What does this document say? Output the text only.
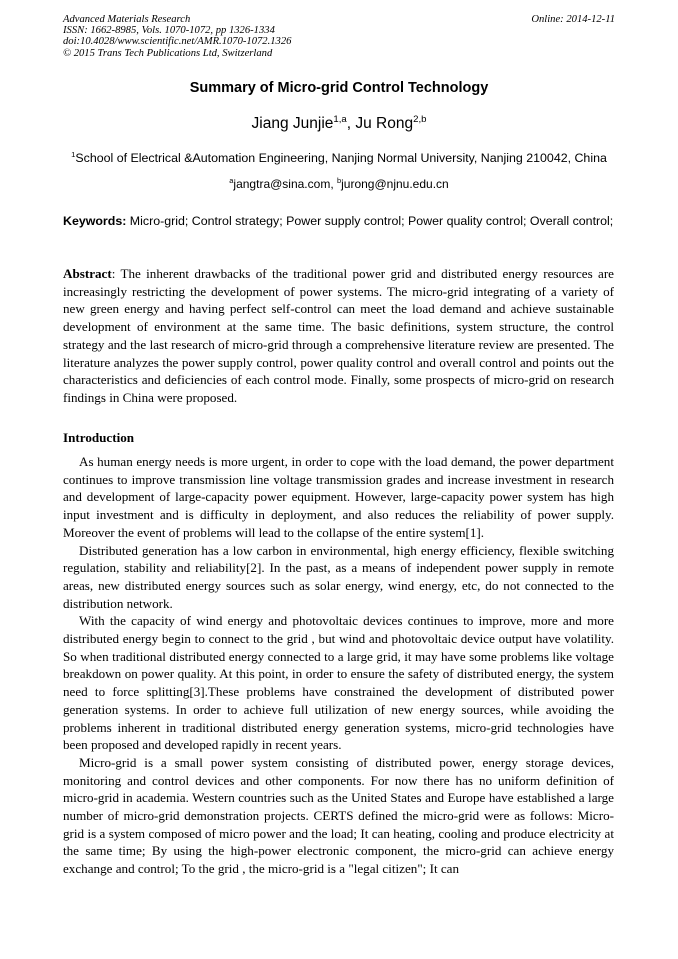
Advanced Materials Research	Online: 2014-12-11
ISSN: 1662-8985, Vols. 1070-1072, pp 1326-1334
doi:10.4028/www.scientific.net/AMR.1070-1072.1326
© 2015 Trans Tech Publications Ltd, Switzerland
Summary of Micro-grid Control Technology
Jiang Junjie$^{1,a}$, Ju Rong$^{2,b}$
$^1$School of Electrical &Automation Engineering, Nanjing Normal University, Nanjing 210042, China
$^a$jangtra@sina.com, $^b$jurong@njnu.edu.cn
Keywords: Micro-grid; Control strategy; Power supply control; Power quality control; Overall control;
Abstract: The inherent drawbacks of the traditional power grid and distributed energy resources are increasingly restricting the development of power systems. The micro-grid integrating of a variety of new green energy and having perfect self-control can meet the load demand and achieve sustainable development of environment at the same time. The basic definitions, system structure, the control strategy and the last research of micro-grid through a comprehensive literature review are presented. The literature analyzes the power supply control, power quality control and overall control and points out the characteristics and deficiencies of each control mode. Finally, some prospects of micro-grid on research findings in China were proposed.
Introduction

As human energy needs is more urgent, in order to cope with the load demand, the power department continues to improve transmission line voltage transmission grades and increase investment in research and development of large-capacity power equipment. However, large-capacity power system has high input investment and is difficulty in deployment, and also reduces the reliability of power supply. Moreover the event of problems will lead to the collapse of the entire system[1].

Distributed generation has a low carbon in environmental, high energy efficiency, flexible switching regulation, stability and reliability[2]. In the past, as a means of independent power supply in remote areas, new distributed energy sources such as solar energy, wind energy, etc, do not connected to the distribution network.

With the capacity of wind energy and photovoltaic devices continues to improve, more and more distributed energy begin to connect to the grid , but wind and photovoltaic device output have volatility. So when traditional distributed energy connected to a large grid, it may have some problems like voltage breakdown on power quality. At this point, in order to ensure the safety of distributed energy, the system need to force splitting[3].These problems have constrained the development of distributed power generation systems. In order to achieve full utilization of new energy sources, while avoiding the problems inherent in traditional distributed energy generation systems, micro-grid technologies have been proposed and developed rapidly in recent years.

Micro-grid is a small power system consisting of distributed power, energy storage devices, monitoring and control devices and other components. For now there has no uniform definition of micro-grid in academia. Western countries such as the United States and Europe have established a large number of micro-grid demonstration projects. CERTS defined the micro-grid were as follows: Micro-grid is a system composed of micro power and the load; It can heating, cooling and produce electricity at the same time; By using the high-power electronic component, the micro-grid can achieve energy exchange and control; To the grid , the micro-grid is a "legal citizen"; It can
